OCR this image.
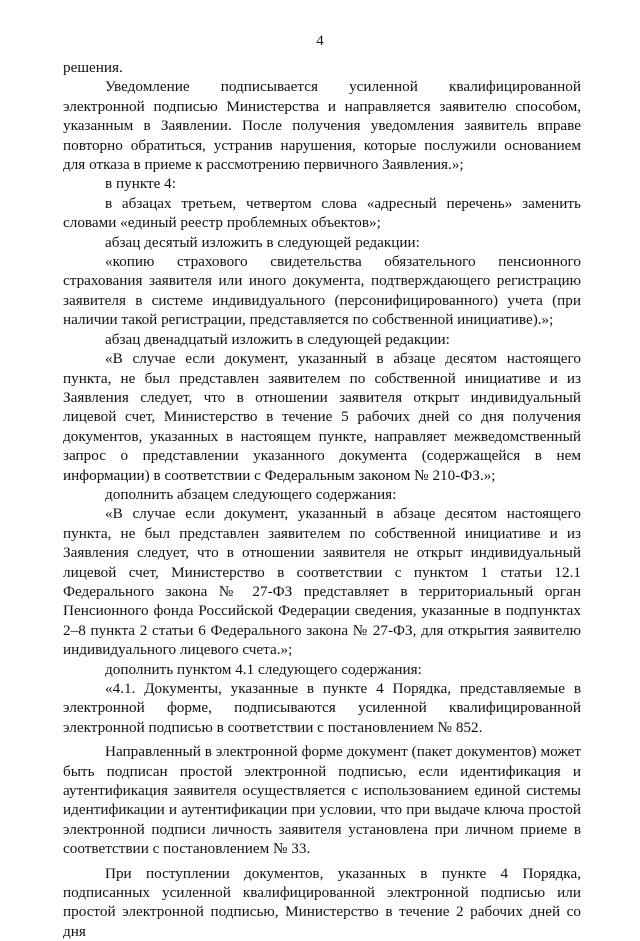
4

решения.

Уведомление подписывается усиленной квалифицированной электронной подписью Министерства и направляется заявителю способом, указанным в Заявлении. После получения уведомления заявитель вправе повторно обратиться, устранив нарушения, которые послужили основанием для отказа в приеме к рассмотрению первичного Заявления.»;

в пункте 4:

в абзацах третьем, четвертом слова «адресный перечень» заменить словами «единый реестр проблемных объектов»;

абзац десятый изложить в следующей редакции:

«копию страхового свидетельства обязательного пенсионного страхования заявителя или иного документа, подтверждающего регистрацию заявителя в системе индивидуального (персонифицированного) учета (при наличии такой регистрации, представляется по собственной инициативе).»;

абзац двенадцатый изложить в следующей редакции:

«В случае если документ, указанный в абзаце десятом настоящего пункта, не был представлен заявителем по собственной инициативе и из Заявления следует, что в отношении заявителя открыт индивидуальный лицевой счет, Министерство в течение 5 рабочих дней со дня получения документов, указанных в настоящем пункте, направляет межведомственный запрос о представлении указанного документа (содержащейся в нем информации) в соответствии с Федеральным законом № 210-ФЗ.»;

дополнить абзацем следующего содержания:

«В случае если документ, указанный в абзаце десятом настоящего пункта, не был представлен заявителем по собственной инициативе и из Заявления следует, что в отношении заявителя не открыт индивидуальный лицевой счет, Министерство в соответствии с пунктом 1 статьи 12.1 Федерального закона № 27-ФЗ представляет в территориальный орган Пенсионного фонда Российской Федерации сведения, указанные в подпунктах 2–8 пункта 2 статьи 6 Федерального закона № 27-ФЗ, для открытия заявителю индивидуального лицевого счета.»;

дополнить пунктом 4.1 следующего содержания:

«4.1. Документы, указанные в пункте 4 Порядка, представляемые в электронной форме, подписываются усиленной квалифицированной электронной подписью в соответствии с постановлением № 852.

Направленный в электронной форме документ (пакет документов) может быть подписан простой электронной подписью, если идентификация и аутентификация заявителя осуществляется с использованием единой системы идентификации и аутентификации при условии, что при выдаче ключа простой электронной подписи личность заявителя установлена при личном приеме в соответствии с постановлением № 33.

При поступлении документов, указанных в пункте 4 Порядка, подписанных усиленной квалифицированной электронной подписью или простой электронной подписью, Министерство в течение 2 рабочих дней со дня
